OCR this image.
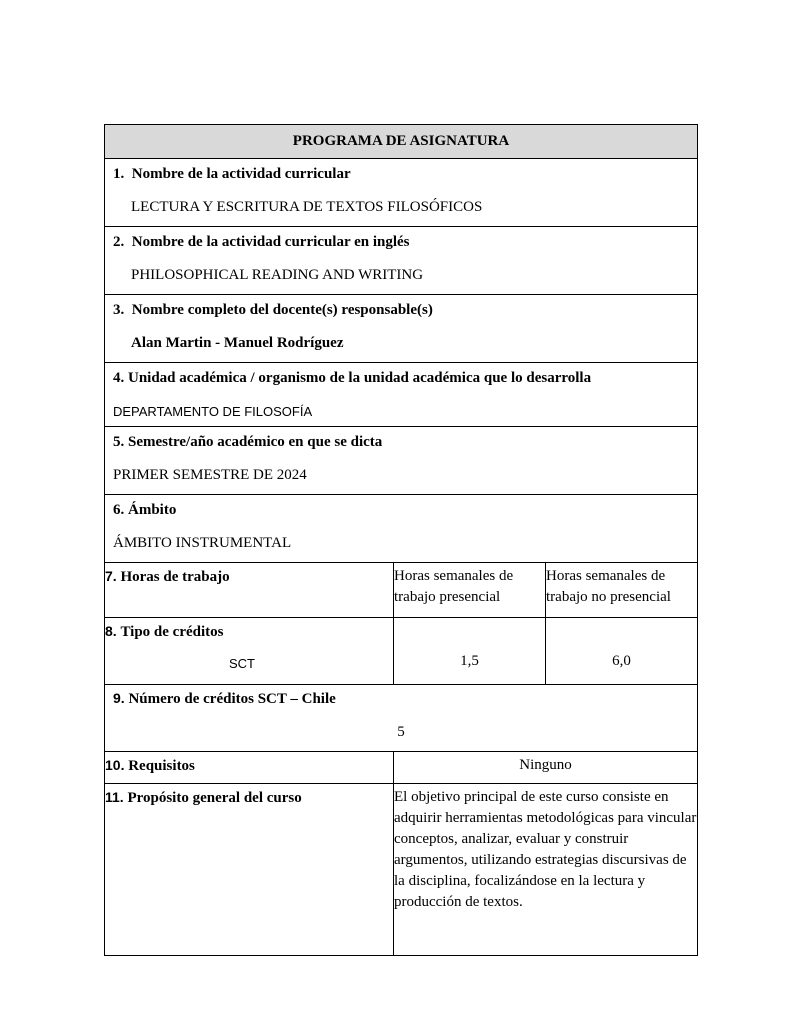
PROGRAMA DE ASIGNATURA		

1. Nombre de la actividad curricular
LECTURA Y ESCRITURA DE TEXTOS FILOSÓFICOS		

2. Nombre de la actividad curricular en inglés
PHILOSOPHICAL READING AND WRITING		

3. Nombre completo del docente(s) responsable(s)
Alan Martin - Manuel Rodríguez		

4. Unidad académica / organismo de la unidad académica que lo desarrolla
DEPARTAMENTO DE FILOSOFÍA		

5. Semestre/año académico en que se dicta
PRIMER SEMESTRE DE 2024		

6. Ámbito
ÁMBITO INSTRUMENTAL		

7. Horas de trabajo	Horas semanales de trabajo presencial	Horas semanales de trabajo no presencial

8. Tipo de créditos
SCT	1,5	6,0

9. Número de créditos SCT – Chile
5		

10. Requisitos	Ninguno	
11. Propósito general del curso	El objetivo principal de este curso consiste en adquirir herramientas metodológicas para vincular conceptos, analizar, evaluar y construir argumentos, utilizando estrategias discursivas de la disciplina, focalizándose en la lectura y producción de textos.	
